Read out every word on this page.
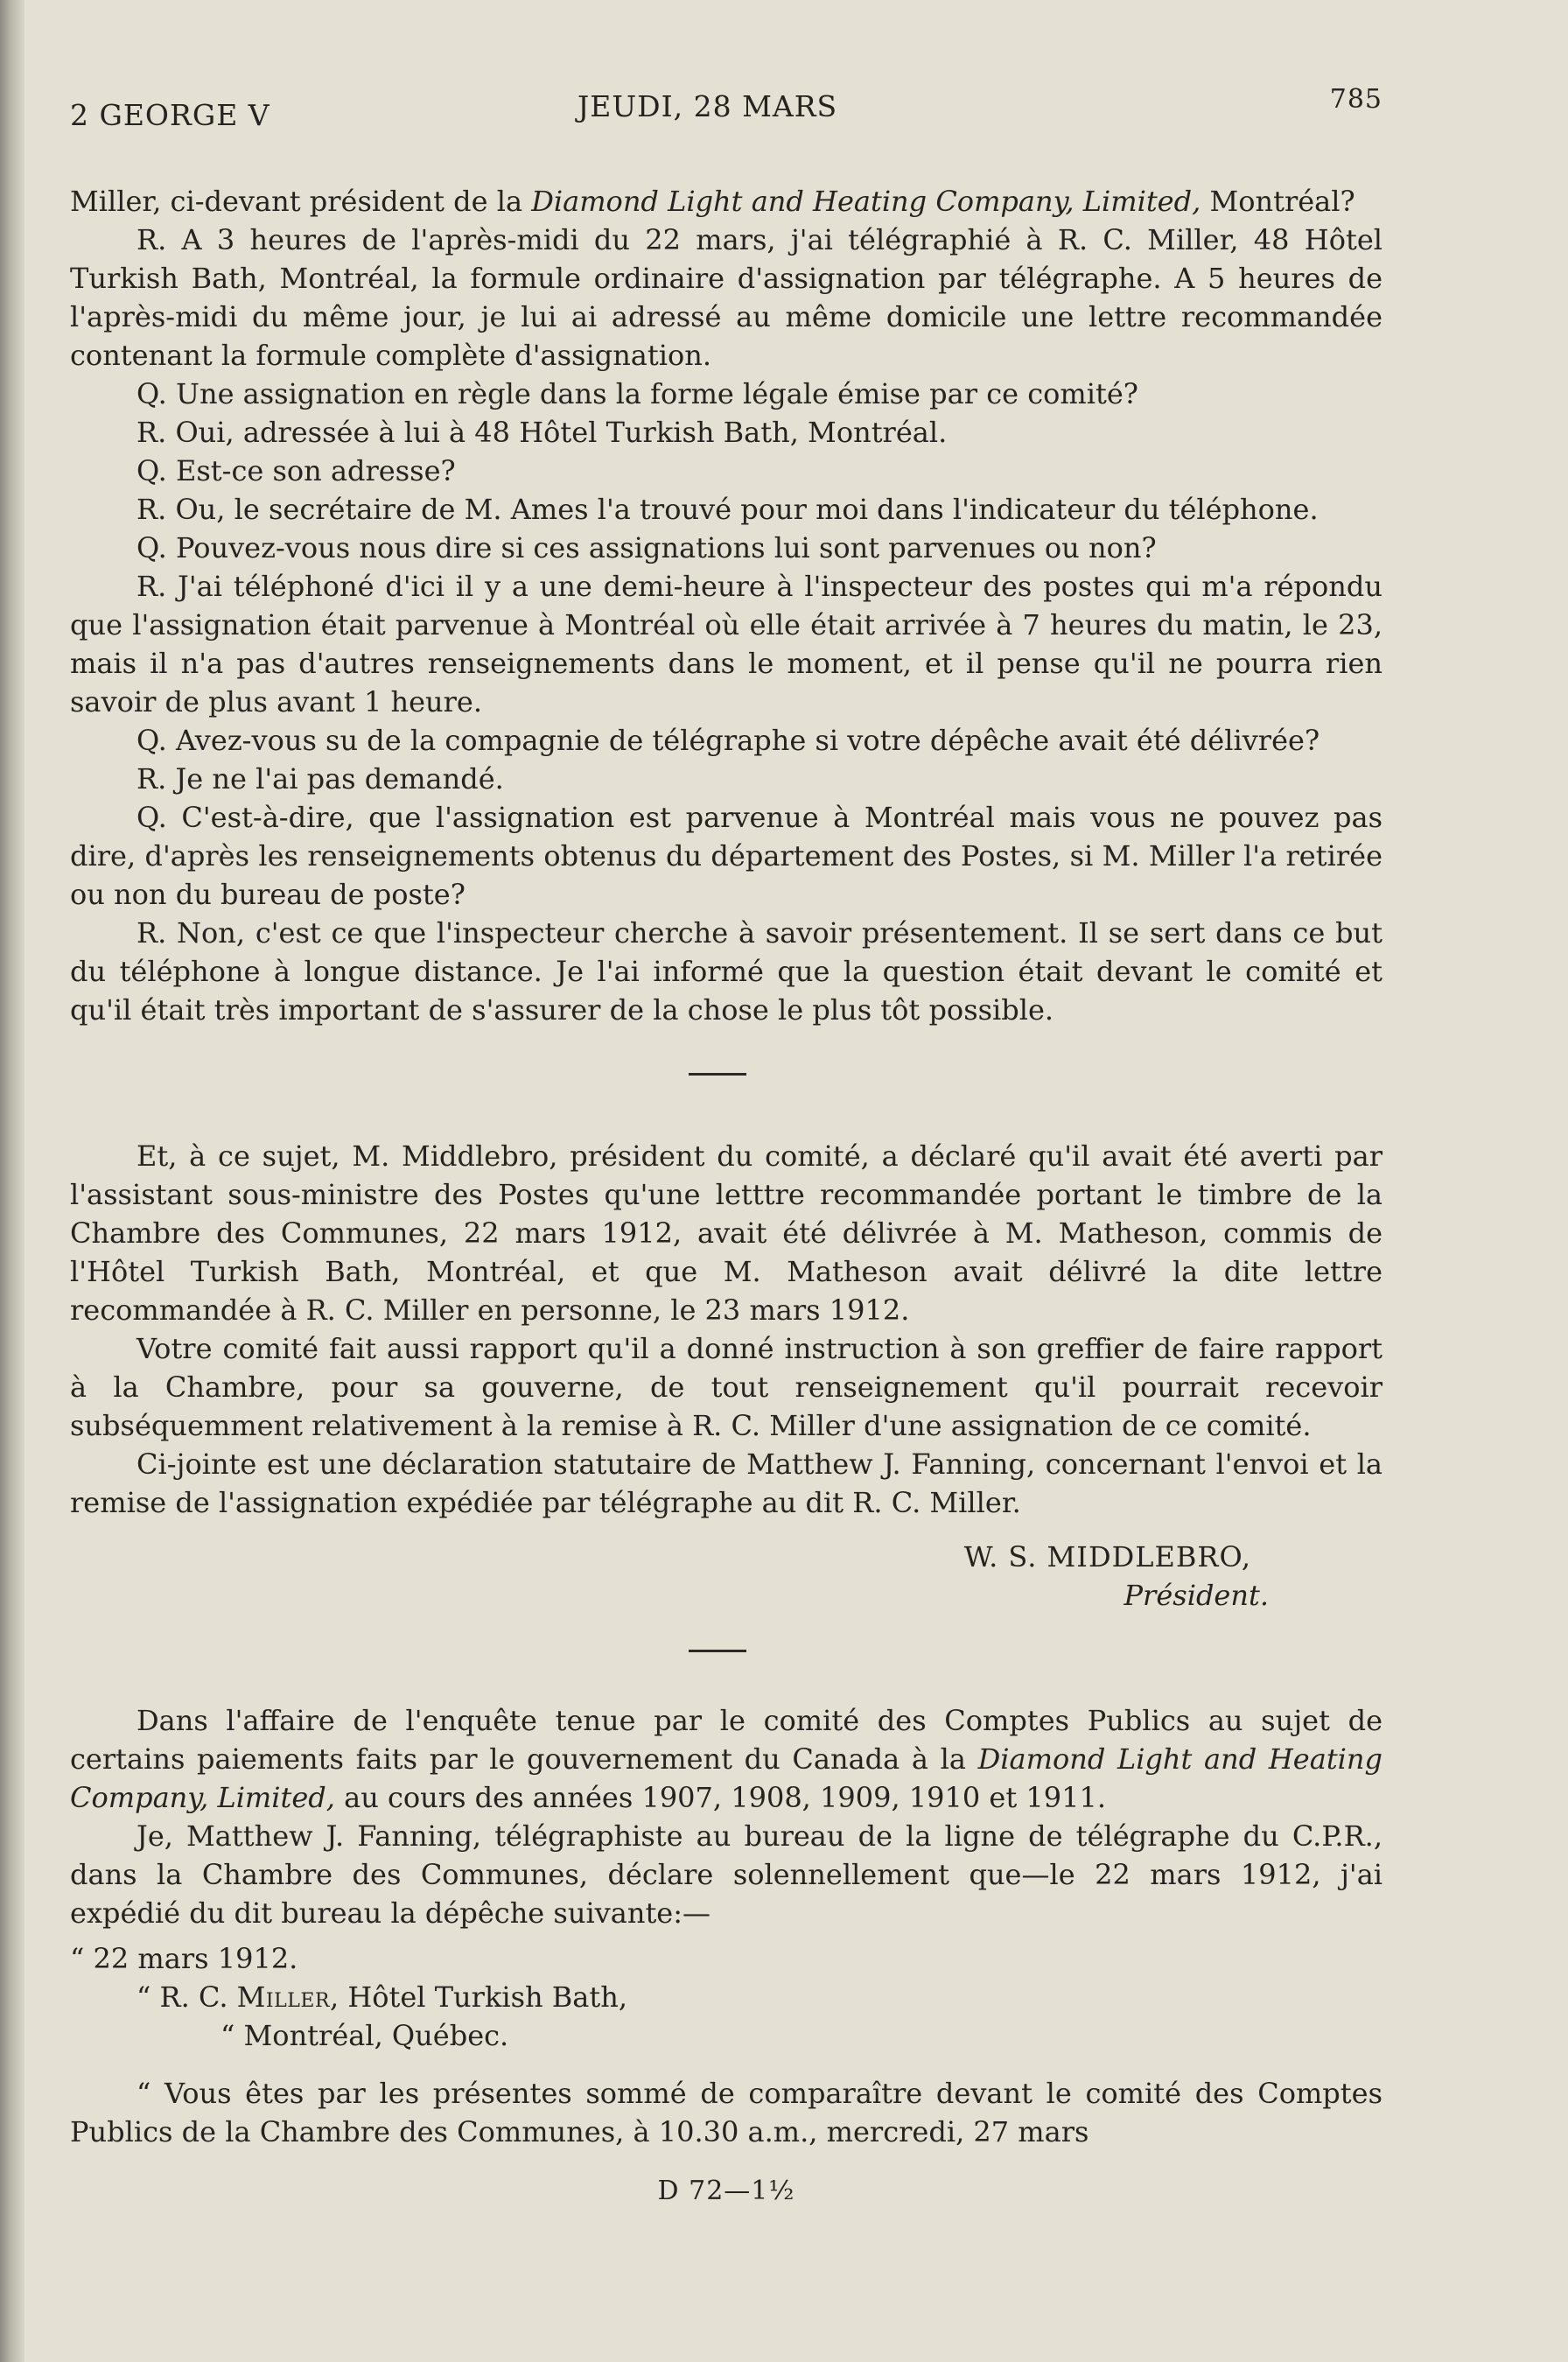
2 GEORGE V	JEUDI, 28 MARS	785

Miller, ci-devant président de la Diamond Light and Heating Company, Limited, Montréal?

R. A 3 heures de l'après-midi du 22 mars, j'ai télégraphié à R. C. Miller, 48 Hôtel Turkish Bath, Montréal, la formule ordinaire d'assignation par télégraphe. A 5 heures de l'après-midi du même jour, je lui ai adressé au même domicile une lettre recommandée contenant la formule complète d'assignation.

Q. Une assignation en règle dans la forme légale émise par ce comité?

R. Oui, adressée à lui à 48 Hôtel Turkish Bath, Montréal.

Q. Est-ce son adresse?

R. Ou, le secrétaire de M. Ames l'a trouvé pour moi dans l'indicateur du téléphone.

Q. Pouvez-vous nous dire si ces assignations lui sont parvenues ou non?

R. J'ai téléphoné d'ici il y a une demi-heure à l'inspecteur des postes qui m'a répondu que l'assignation était parvenue à Montréal où elle était arrivée à 7 heures du matin, le 23, mais il n'a pas d'autres renseignements dans le moment, et il pense qu'il ne pourra rien savoir de plus avant 1 heure.

Q. Avez-vous su de la compagnie de télégraphe si votre dépêche avait été délivrée?

R. Je ne l'ai pas demandé.

Q. C'est-à-dire, que l'assignation est parvenue à Montréal mais vous ne pouvez pas dire, d'après les renseignements obtenus du département des Postes, si M. Miller l'a retirée ou non du bureau de poste?

R. Non, c'est ce que l'inspecteur cherche à savoir présentement. Il se sert dans ce but du téléphone à longue distance. Je l'ai informé que la question était devant le comité et qu'il était très important de s'assurer de la chose le plus tôt possible.

Et, à ce sujet, M. Middlebro, président du comité, a déclaré qu'il avait été averti par l'assistant sous-ministre des Postes qu'une letttre recommandée portant le timbre de la Chambre des Communes, 22 mars 1912, avait été délivrée à M. Matheson, commis de l'Hôtel Turkish Bath, Montréal, et que M. Matheson avait délivré la dite lettre recommandée à R. C. Miller en personne, le 23 mars 1912.

Votre comité fait aussi rapport qu'il a donné instruction à son greffier de faire rapport à la Chambre, pour sa gouverne, de tout renseignement qu'il pourrait recevoir subséquemment relativement à la remise à R. C. Miller d'une assignation de ce comité.

Ci-jointe est une déclaration statutaire de Matthew J. Fanning, concernant l'envoi et la remise de l'assignation expédiée par télégraphe au dit R. C. Miller.

W. S. MIDDLEBRO,

Président.

Dans l'affaire de l'enquête tenue par le comité des Comptes Publics au sujet de certains paiements faits par le gouvernement du Canada à la Diamond Light and Heating Company, Limited, au cours des années 1907, 1908, 1909, 1910 et 1911.

Je, Matthew J. Fanning, télégraphiste au bureau de la ligne de télégraphe du C.P.R., dans la Chambre des Communes, déclare solennellement que—le 22 mars 1912, j'ai expédié du dit bureau la dépêche suivante:—

“ 22 mars 1912.

“ R. C. Miller, Hôtel Turkish Bath,

“ Montréal, Québec.

“ Vous êtes par les présentes sommé de comparaître devant le comité des Comptes Publics de la Chambre des Communes, à 10.30 a.m., mercredi, 27 mars

D 72—1½
